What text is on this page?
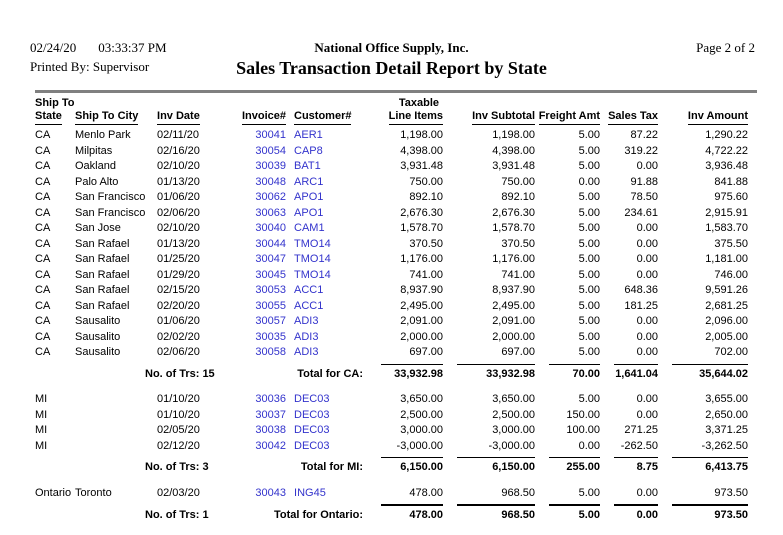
02/24/20 03:33:37 PM	National Office Supply, Inc.	Page 2 of 2
Printed By: Supervisor	Sales Transaction Detail Report by State
Ship To					Taxable				
State	Ship To City	Inv Date	Invoice#	Customer#	Line Items	Inv Subtotal	Freight Amt	Sales Tax	Inv Amount
CA	Menlo Park	02/11/20	30041	AER1	1,198.00	1,198.00	5.00	87.22	1,290.22
CA	Milpitas	02/16/20	30054	CAP8	4,398.00	4,398.00	5.00	319.22	4,722.22
CA	Oakland	02/10/20	30039	BAT1	3,931.48	3,931.48	5.00	0.00	3,936.48
CA	Palo Alto	01/13/20	30048	ARC1	750.00	750.00	0.00	91.88	841.88
CA	San Francisco	01/06/20	30062	APO1	892.10	892.10	5.00	78.50	975.60
CA	San Francisco	02/06/20	30063	APO1	2,676.30	2,676.30	5.00	234.61	2,915.91
CA	San Jose	02/10/20	30040	CAM1	1,578.70	1,578.70	5.00	0.00	1,583.70
CA	San Rafael	01/13/20	30044	TMO14	370.50	370.50	5.00	0.00	375.50
CA	San Rafael	01/25/20	30047	TMO14	1,176.00	1,176.00	5.00	0.00	1,181.00
CA	San Rafael	01/29/20	30045	TMO14	741.00	741.00	5.00	0.00	746.00
CA	San Rafael	02/15/20	30053	ACC1	8,937.90	8,937.90	5.00	648.36	9,591.26
CA	San Rafael	02/20/20	30055	ACC1	2,495.00	2,495.00	5.00	181.25	2,681.25
CA	Sausalito	01/06/20	30057	ADI3	2,091.00	2,091.00	5.00	0.00	2,096.00
CA	Sausalito	02/02/20	30035	ADI3	2,000.00	2,000.00	5.00	0.00	2,005.00
CA	Sausalito	02/06/20	30058	ADI3	697.00	697.00	5.00	0.00	702.00
	No. of Trs: 15		Total for CA:		33,932.98	33,932.98	70.00	1,641.04	35,644.02

MI		01/10/20	30036	DEC03	3,650.00	3,650.00	5.00	0.00	3,655.00
MI		01/10/20	30037	DEC03	2,500.00	2,500.00	150.00	0.00	2,650.00
MI		02/05/20	30038	DEC03	3,000.00	3,000.00	100.00	271.25	3,371.25
MI		02/12/20	30042	DEC03	-3,000.00	-3,000.00	0.00	-262.50	-3,262.50
	No. of Trs: 3		Total for MI:		6,150.00	6,150.00	255.00	8.75	6,413.75

Ontario	Toronto	02/03/20	30043	ING45	478.00	968.50	5.00	0.00	973.50
	No. of Trs: 1		Total for Ontario:		478.00	968.50	5.00	0.00	973.50
